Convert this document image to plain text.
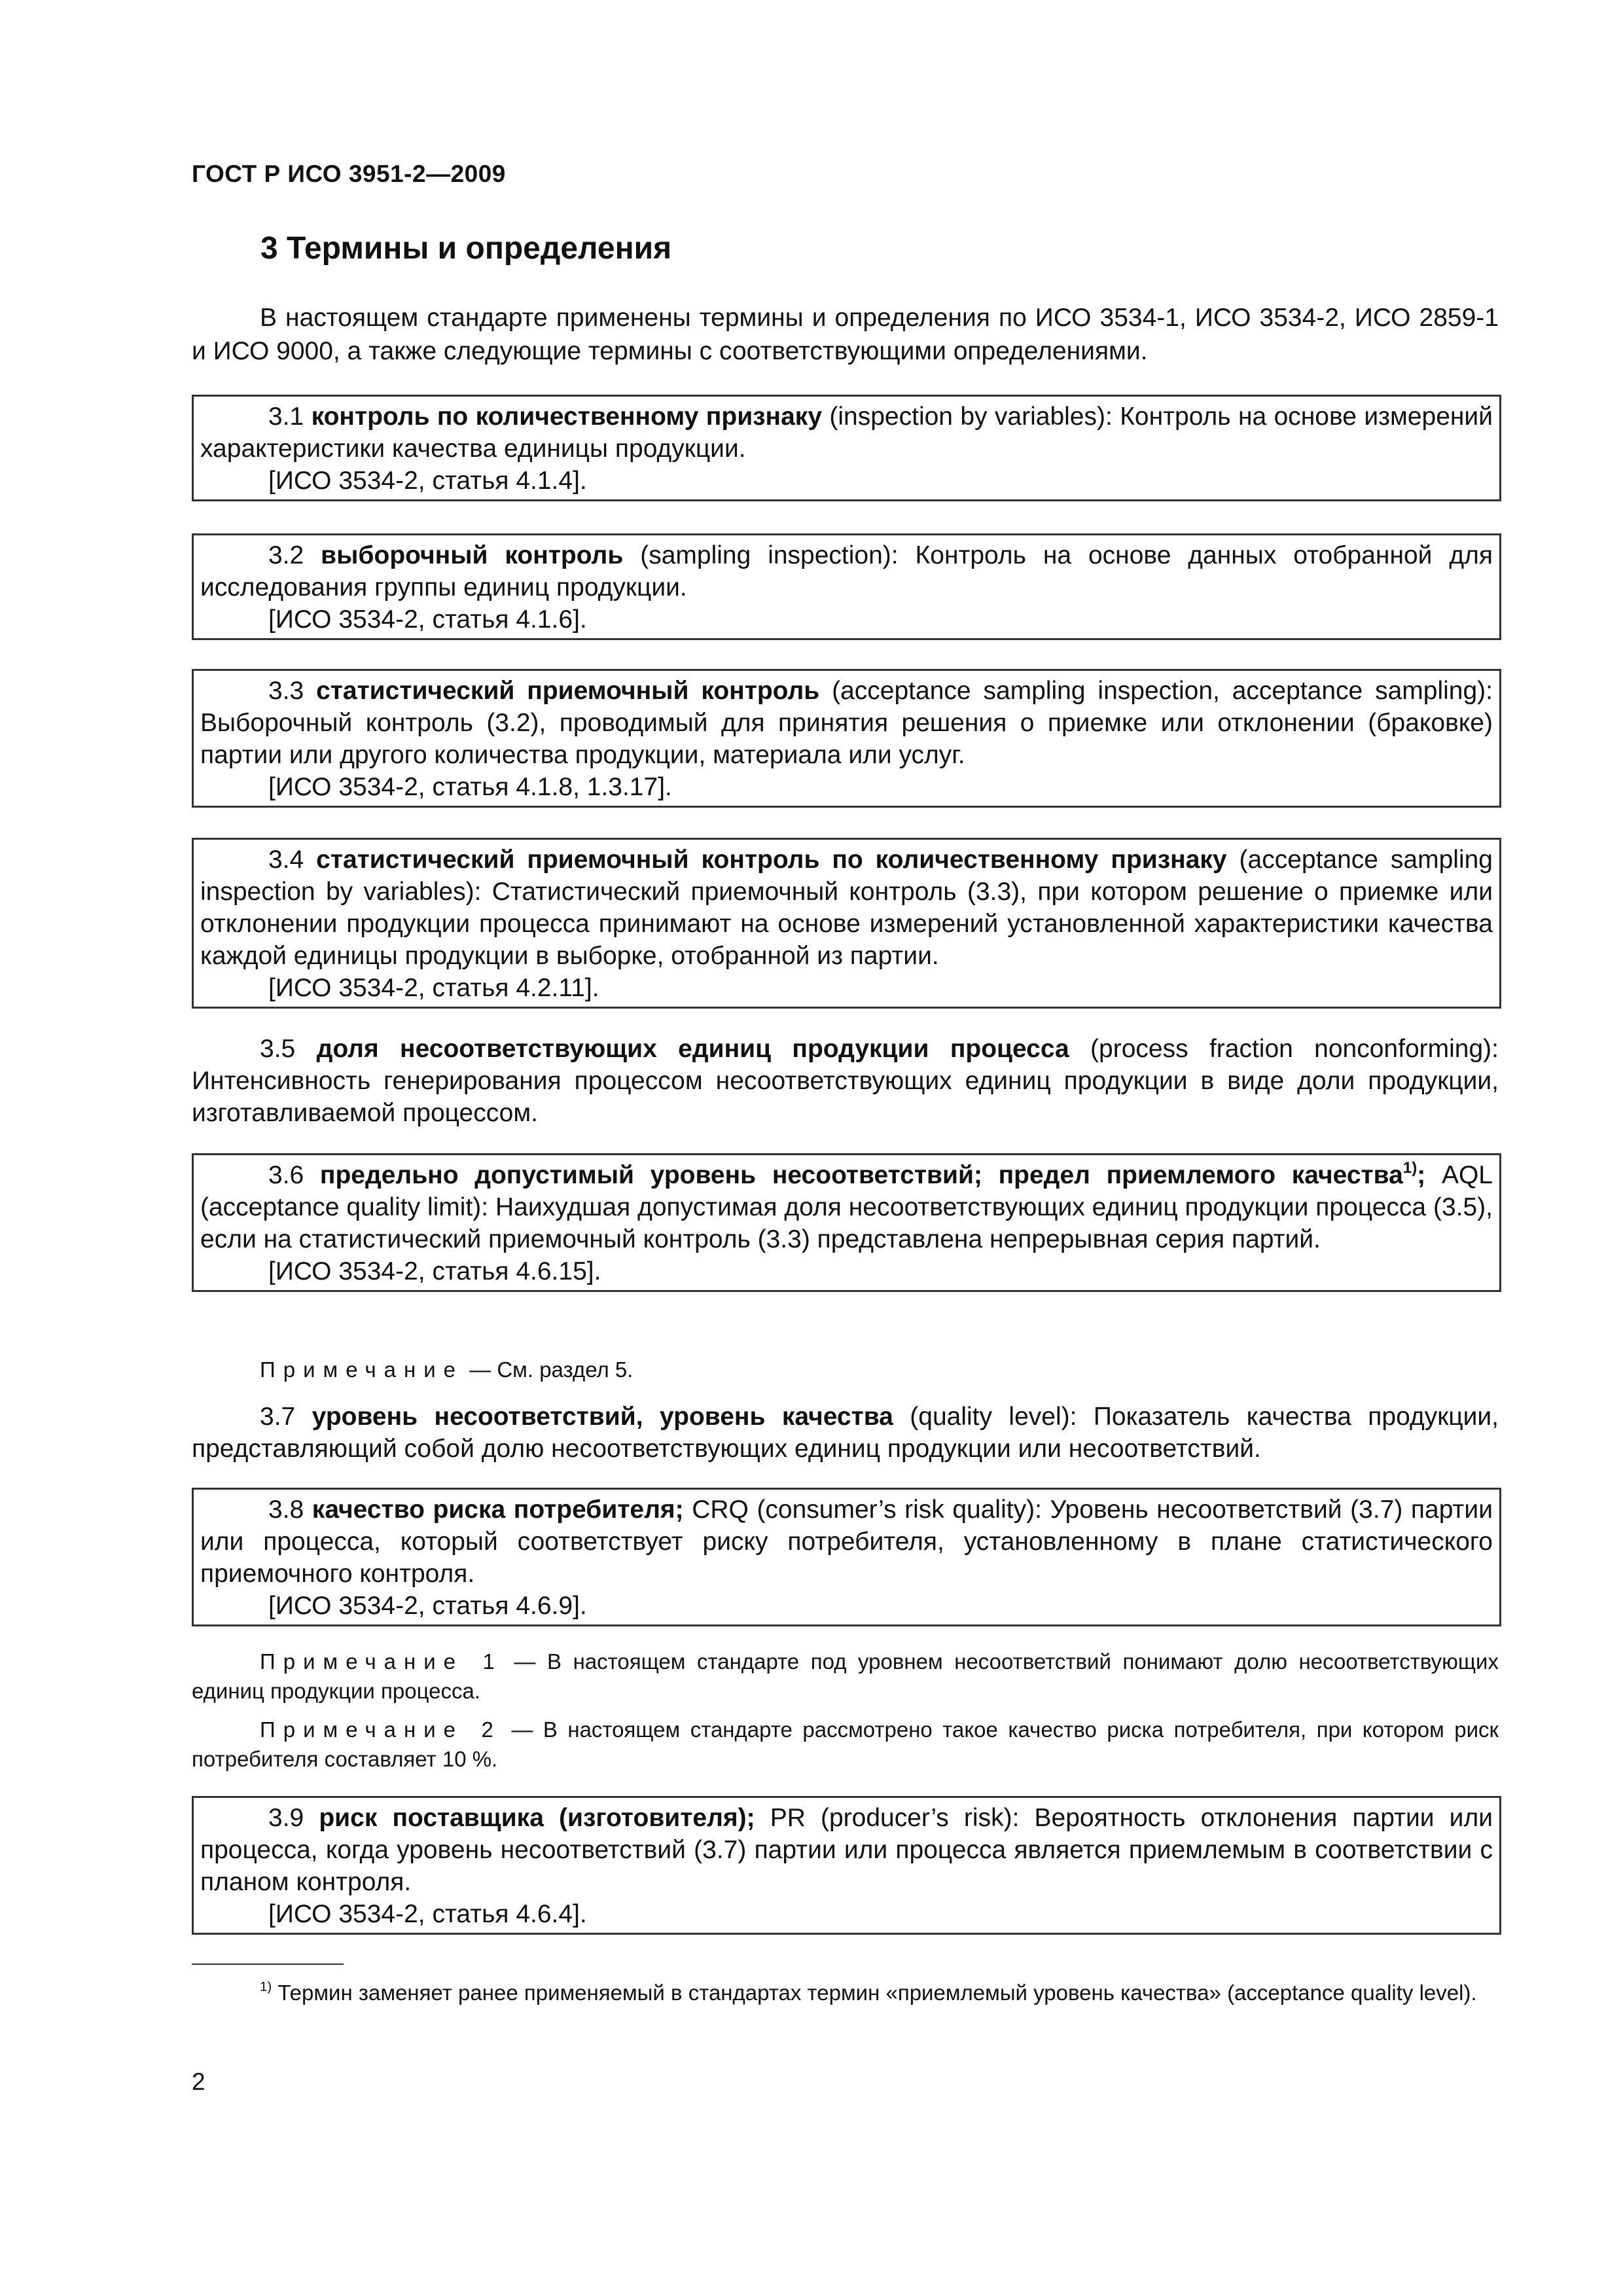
ГОСТ Р ИСО 3951-2—2009
3 Термины и определения
В настоящем стандарте применены термины и определения по ИСО 3534-1, ИСО 3534-2, ИСО 2859-1 и ИСО 9000, а также следующие термины с соответствующими определениями.

3.1 контроль по количественному признаку (inspection by variables): Контроль на основе измерений характеристики качества единицы продукции.

[ИСО 3534-2, статья 4.1.4].

3.2 выборочный контроль (sampling inspection): Контроль на основе данных отобранной для исследования группы единиц продукции.

[ИСО 3534-2, статья 4.1.6].

3.3 статистический приемочный контроль (acceptance sampling inspection, acceptance sampling): Выборочный контроль (3.2), проводимый для принятия решения о приемке или отклонении (браковке) партии или другого количества продукции, материала или услуг.

[ИСО 3534-2, статья 4.1.8, 1.3.17].

3.4 статистический приемочный контроль по количественному признаку (acceptance sampling inspection by variables): Статистический приемочный контроль (3.3), при котором решение о приемке или отклонении продукции процесса принимают на основе измерений установленной характеристики качества каждой единицы продукции в выборке, отобранной из партии.

[ИСО 3534-2, статья 4.2.11].

3.5 доля несоответствующих единиц продукции процесса (process fraction nonconforming): Интенсивность генерирования процессом несоответствующих единиц продукции в виде доли продукции, изготавливаемой процессом.

3.6 предельно допустимый уровень несоответствий; предел приемлемого качества$^{1)}$; AQL (acceptance quality limit): Наихудшая допустимая доля несоответствующих единиц продукции процесса (3.5), если на статистический приемочный контроль (3.3) представлена непрерывная серия партий.

[ИСО 3534-2, статья 4.6.15].

Примечание — См. раздел 5.
3.7 уровень несоответствий, уровень качества (quality level): Показатель качества продукции, представляющий собой долю несоответствующих единиц продукции или несоответствий.

3.8 качество риска потребителя; CRQ (consumer’s risk quality): Уровень несоответствий (3.7) партии или процесса, который соответствует риску потребителя, установленному в плане статистического приемочного контроля.

[ИСО 3534-2, статья 4.6.9].

Примечание 1 — В настоящем стандарте под уровнем несоответствий понимают долю несоответствующих единиц продукции процесса.
Примечание 2 — В настоящем стандарте рассмотрено такое качество риска потребителя, при котором риск потребителя составляет 10 %.

3.9 риск поставщика (изготовителя); PR (producer’s risk): Вероятность отклонения партии или процесса, когда уровень несоответствий (3.7) партии или процесса является приемлемым в соответствии с планом контроля.

[ИСО 3534-2, статья 4.6.4].

$^{1)}$ Термин заменяет ранее применяемый в стандартах термин «приемлемый уровень качества» (acceptance quality level).
2
